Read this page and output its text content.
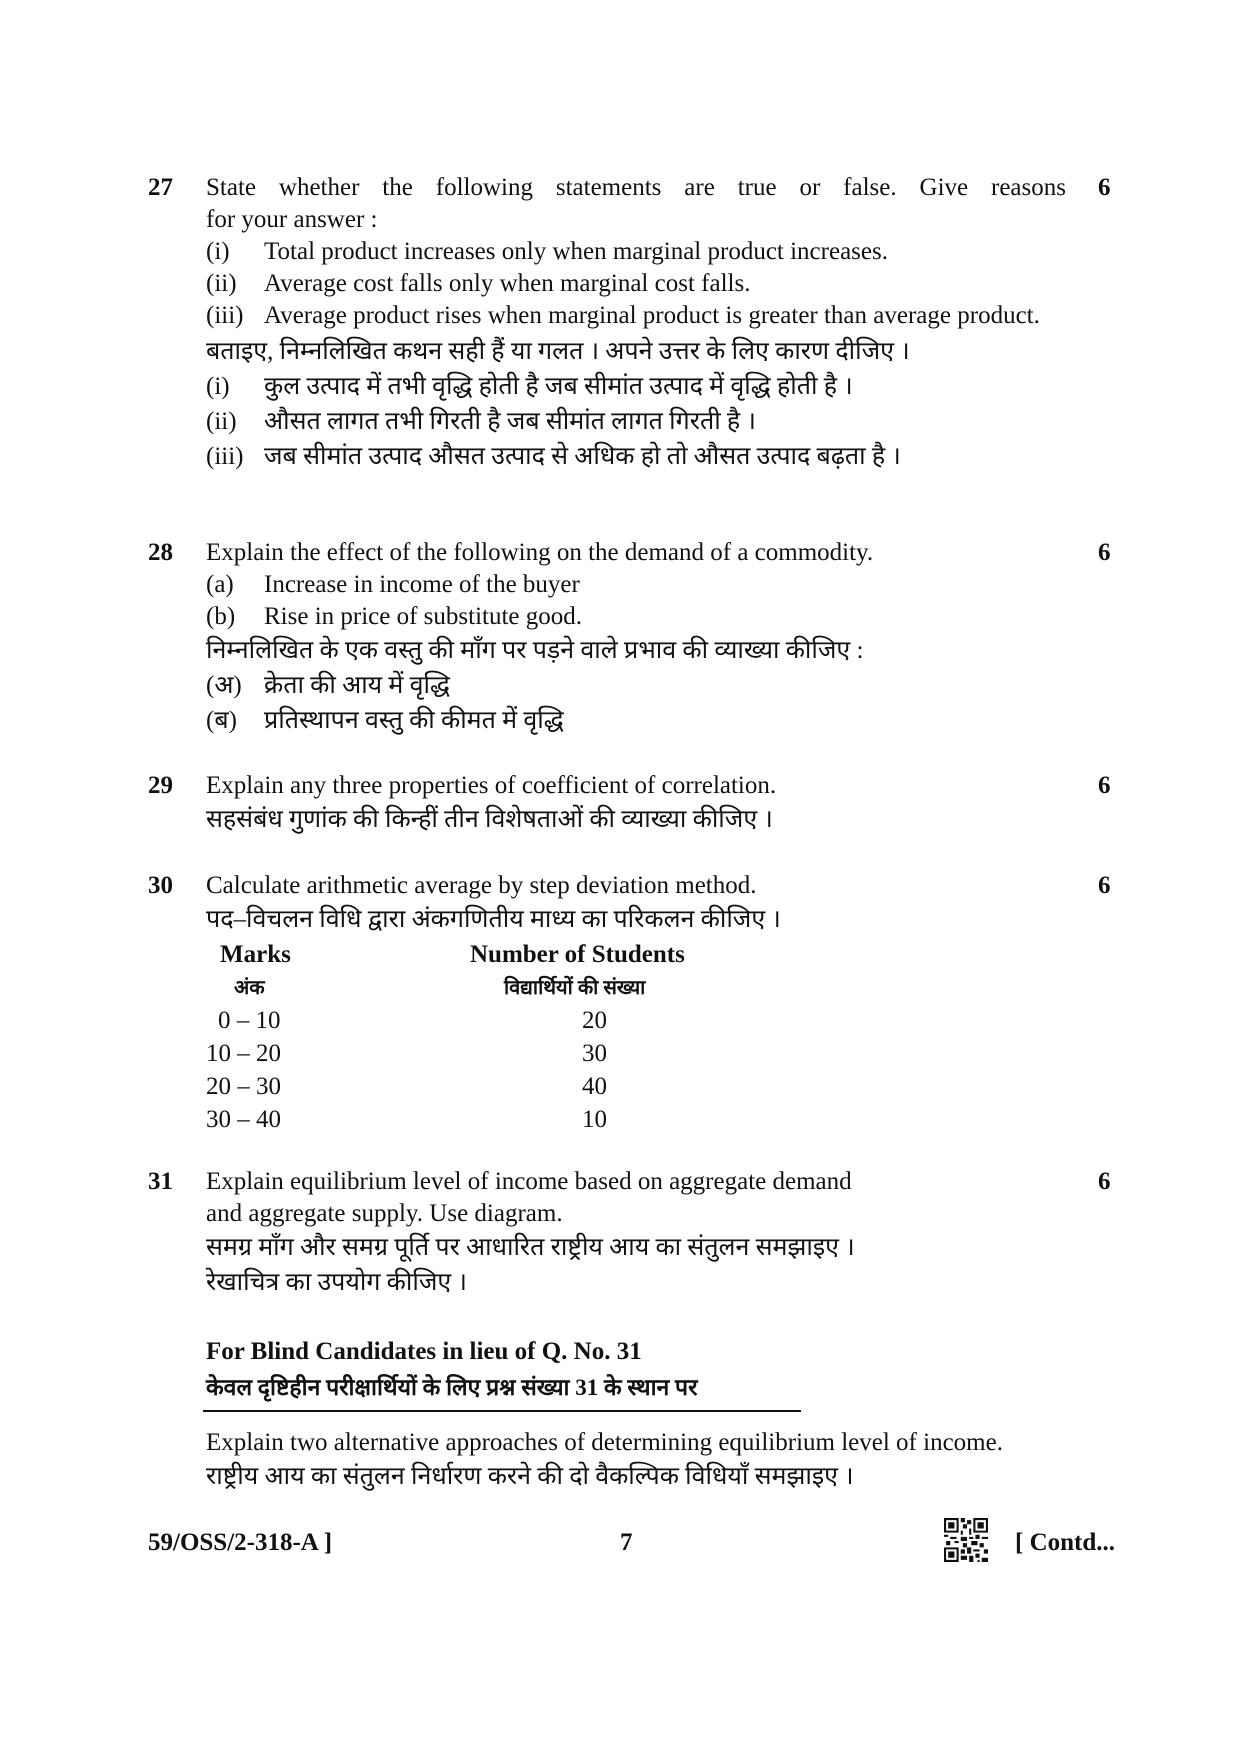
27 State whether the following statements are true or false. Give reasons
for your answer :
(i)	Total product increases only when marginal product increases.
(ii)	Average cost falls only when marginal cost falls.
(iii) Average product rises when marginal product is greater than average product.
बताइए, निम्नलिखित कथन सही हैं या गलत । अपने उत्तर के लिए कारण दीजिए ।
(i)	कुल उत्पाद में तभी वृद्धि होती है जब सीमांत उत्पाद में वृद्धि होती है ।
(ii)	औसत लागत तभी गिरती है जब सीमांत लागत गिरती है ।
(iii) जब सीमांत उत्पाद औसत उत्पाद से अधिक हो तो औसत उत्पाद बढ़ता है ।
6
28 Explain the effect of the following on the demand of a commodity.
(a)	Increase in income of the buyer
(b)	Rise in price of substitute good.
निम्नलिखित के एक वस्तु की माँग पर पड़ने वाले प्रभाव की व्याख्या कीजिए :
(अ) क्रेता की आय में वृद्धि
(ब)	प्रतिस्थापन वस्तु की कीमत में वृद्धि
6
29 Explain any three properties of coefficient of correlation.
सहसंबंध गुणांक की किन्हीं तीन विशेषताओं की व्याख्या कीजिए ।
6
30 Calculate arithmetic average by step deviation method.
पद–विचलन विधि द्वारा अंकगणितीय माध्य का परिकलन कीजिए ।
6
Marks	Number of Students
अंक	विद्यार्थियों की संख्या
0 – 10	20
10 – 20	30
20 – 30	40
30 – 40	10
31 Explain equilibrium level of income based on aggregate demand
and aggregate supply. Use diagram.
समग्र माँग और समग्र पूर्ति पर आधारित राष्ट्रीय आय का संतुलन समझाइए ।
रेखाचित्र का उपयोग कीजिए ।
6
For Blind Candidates in lieu of Q. No. 31
केवल दृष्टिहीन परीक्षार्थियों के लिए प्रश्न संख्या 31 के स्थान पर
Explain two alternative approaches of determining equilibrium level of income.
राष्ट्रीय आय का संतुलन निर्धारण करने की दो वैकल्पिक विधियाँ समझाइए ।
59/OSS/2-318-A ]	7	[ Contd...
